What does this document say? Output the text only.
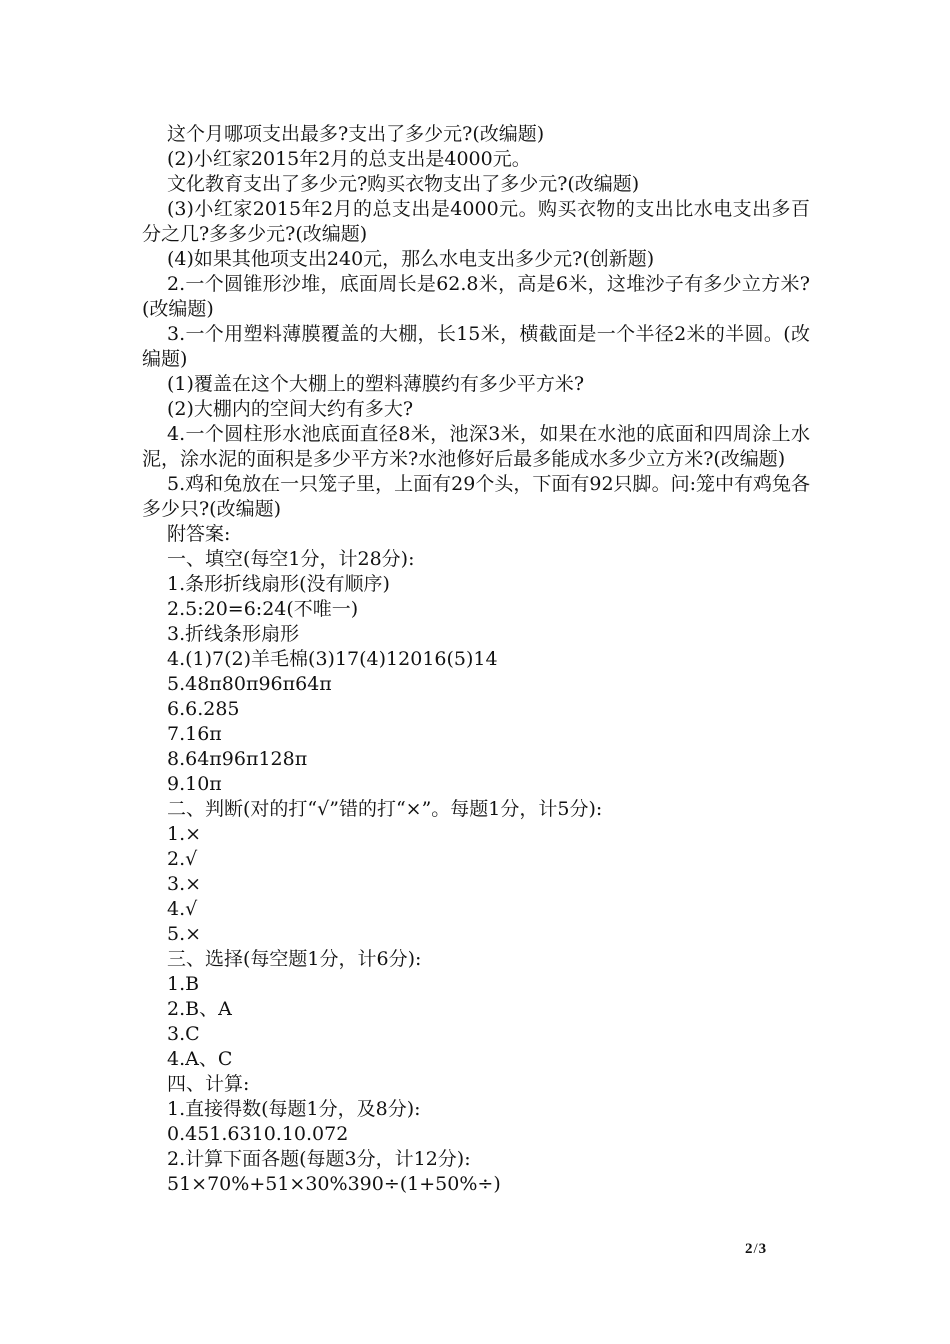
这个月哪项支出最多?支出了多少元?(改编题)
(2)小红家2015年2月的总支出是4000元。
文化教育支出了多少元?购买衣物支出了多少元?(改编题)
(3)小红家2015年2月的总支出是4000元。购买衣物的支出比水电支出多百分之几?多多少元?(改编题)
(4)如果其他项支出240元，那么水电支出多少元?(创新题)
2.一个圆锥形沙堆，底面周长是62.8米，高是6米，这堆沙子有多少立方米?(改编题)
3.一个用塑料薄膜覆盖的大棚，长15米，横截面是一个半径2米的半圆。(改编题)
(1)覆盖在这个大棚上的塑料薄膜约有多少平方米?
(2)大棚内的空间大约有多大?
4.一个圆柱形水池底面直径8米，池深3米，如果在水池的底面和四周涂上水泥，涂水泥的面积是多少平方米?水池修好后最多能成水多少立方米?(改编题)
5.鸡和兔放在一只笼子里，上面有29个头，下面有92只脚。问:笼中有鸡兔各多少只?(改编题)
附答案:
一、填空(每空1分，计28分):
1.条形折线扇形(没有顺序)
2.5:20=6:24(不唯一)
3.折线条形扇形
4.(1)7(2)羊毛棉(3)17(4)12016(5)14
5.48π80π96π64π
6.6.285
7.16π
8.64π96π128π
9.10π
二、判断(对的打“√”错的打“×”。每题1分，计5分):
1.×
2.√
3.×
4.√
5.×
三、选择(每空题1分，计6分):
1.B
2.B、A
3.C
4.A、C
四、计算:
1.直接得数(每题1分，及8分):
0.451.6310.10.072
2.计算下面各题(每题3分，计12分):
51×70%+51×30%390÷(1+50%÷)
2/3
